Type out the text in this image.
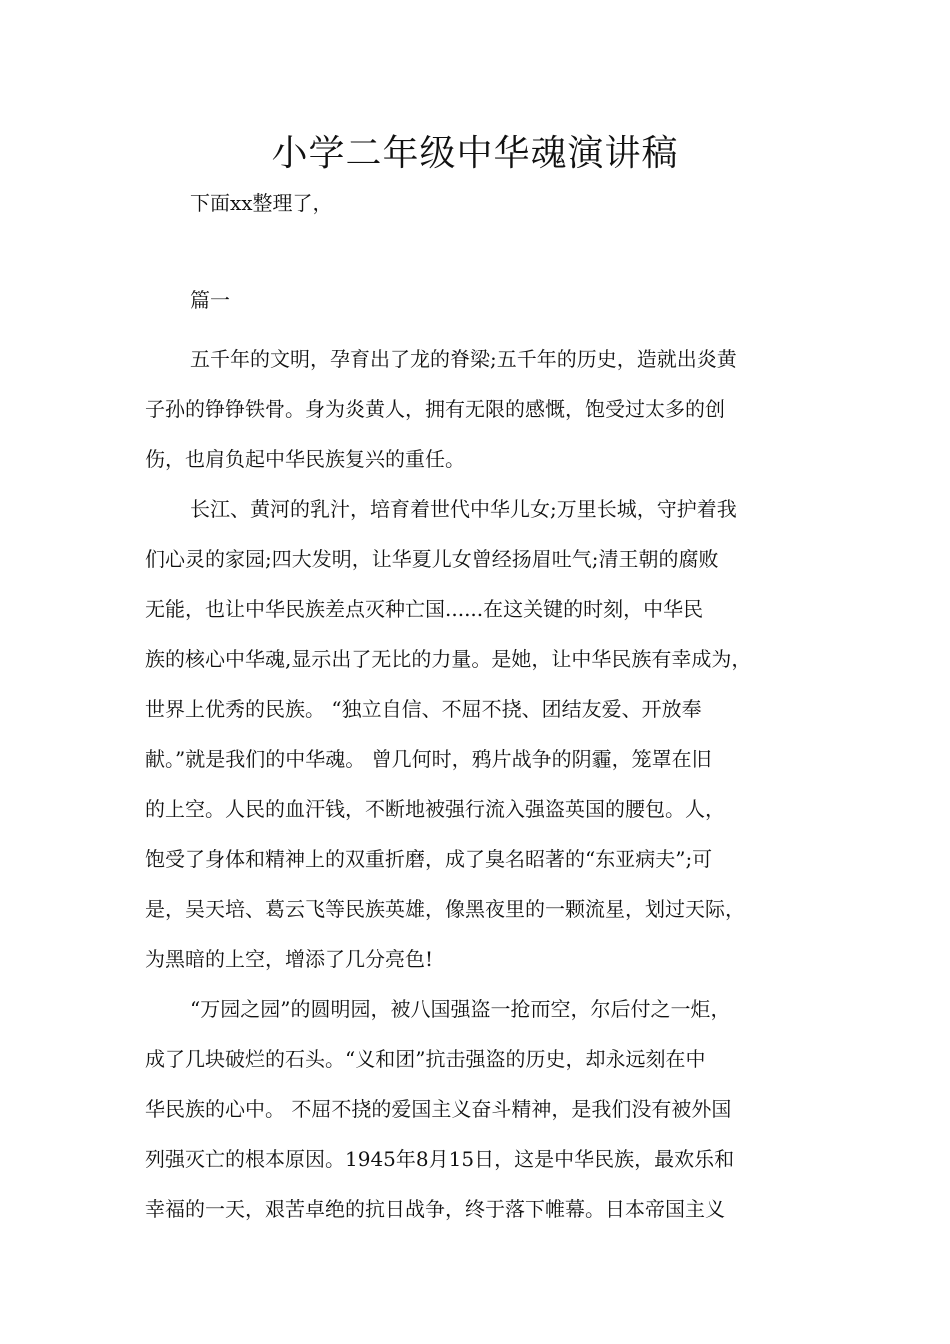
小学二年级中华魂演讲稿
下面xx整理了，
篇一
五千年的文明，孕育出了龙的脊梁;五千年的历史，造就出炎黄
子孙的铮铮铁骨。身为炎黄人，拥有无限的感慨，饱受过太多的创
伤，也肩负起中华民族复兴的重任。
长江、黄河的乳汁，培育着世代中华儿女;万里长城，守护着我
们心灵的家园;四大发明，让华夏儿女曾经扬眉吐气;清王朝的腐败
无能，也让中华民族差点灭种亡国......在这关键的时刻，中华民
族的核心中华魂,显示出了无比的力量。是她，让中华民族有幸成为，
世界上优秀的民族。 “独立自信、不屈不挠、团结友爱、开放奉
献。”就是我们的中华魂。 曾几何时，鸦片战争的阴霾，笼罩在旧
的上空。人民的血汗钱，不断地被强行流入强盗英国的腰包。人，
饱受了身体和精神上的双重折磨，成了臭名昭著的“东亚病夫”;可
是，吴天培、葛云飞等民族英雄，像黑夜里的一颗流星，划过天际，
为黑暗的上空，增添了几分亮色!
“万园之园”的圆明园，被八国强盗一抢而空，尔后付之一炬，
成了几块破烂的石头。“义和团”抗击强盗的历史，却永远刻在中
华民族的心中。 不屈不挠的爱国主义奋斗精神，是我们没有被外国
列强灭亡的根本原因。1945年8月15日，这是中华民族，最欢乐和
幸福的一天，艰苦卓绝的抗日战争，终于落下帷幕。日本帝国主义
